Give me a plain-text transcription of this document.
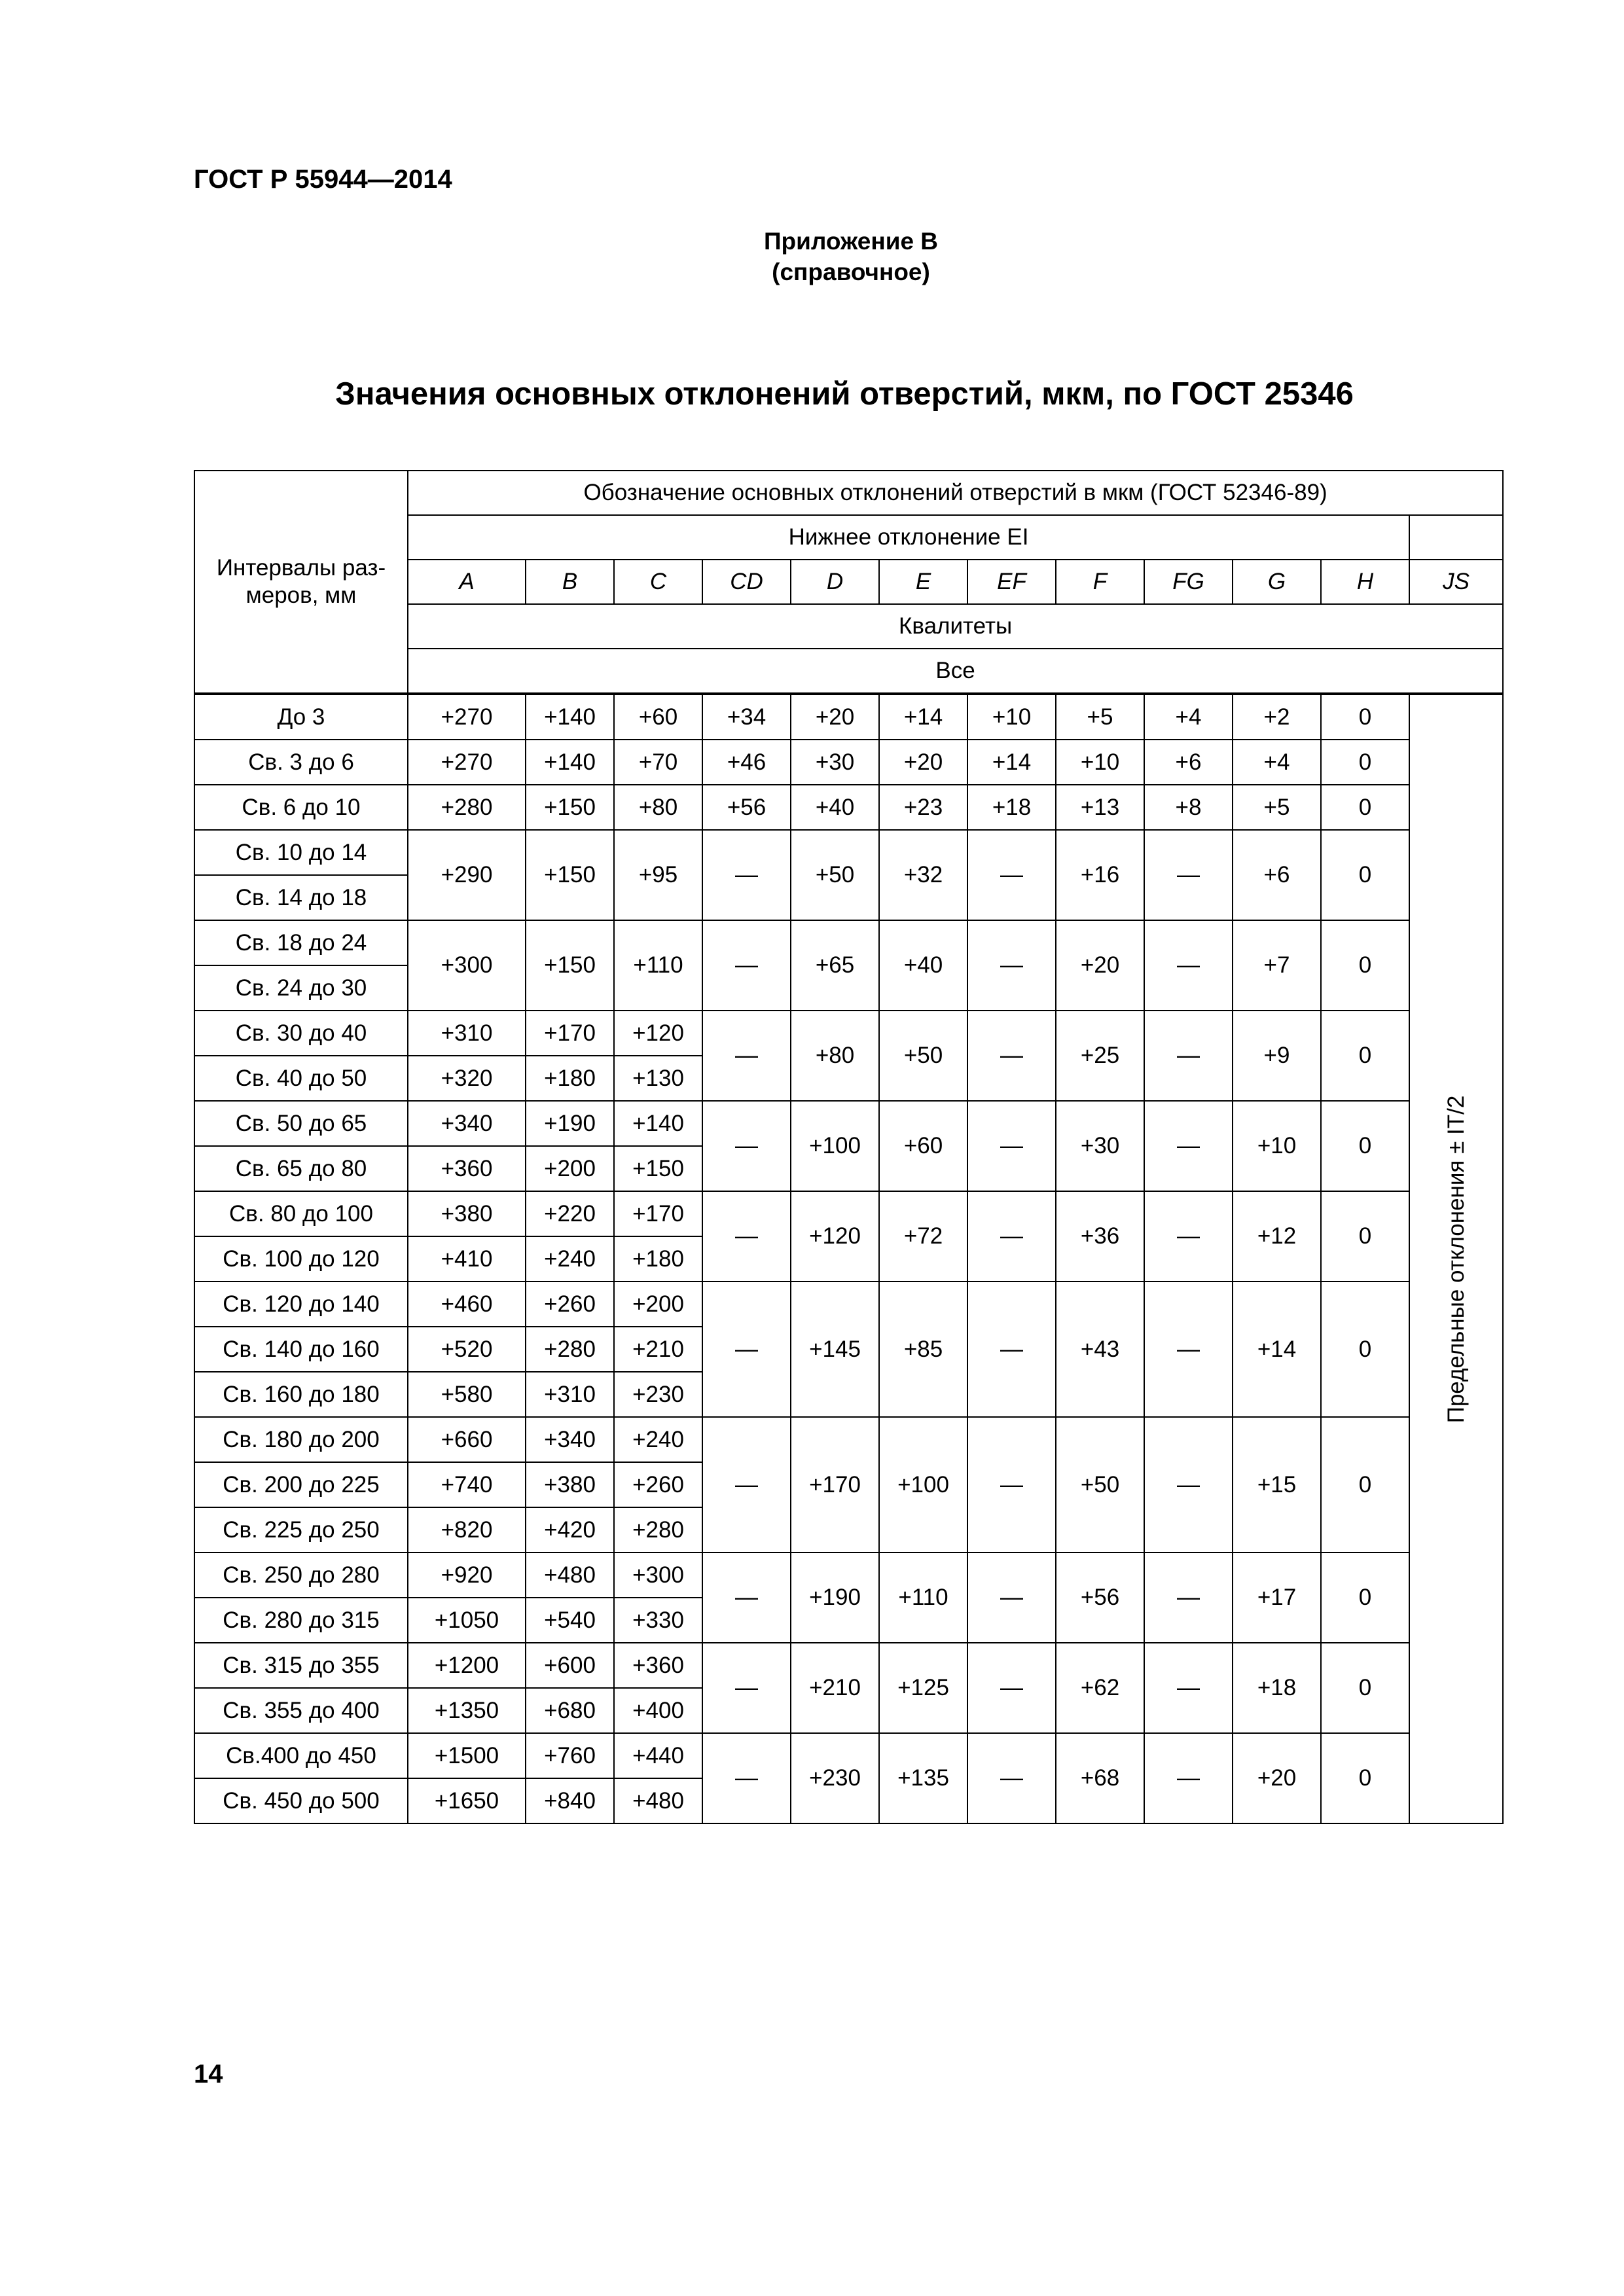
ГОСТ Р 55944—2014
Приложение В
(справочное)
Значения основных отклонений отверстий, мкм, по ГОСТ 25346
Интервалы раз-меров, мм	Обозначение основных отклонений отверстий в мкм (ГОСТ 52346-89)											
	Нижнее отклонение EI											
	A	B	C	CD	D	E	EF	F	FG	G	H	JS
	Квалитеты											
	Все											
До 3	+270	+140	+60	+34	+20	+14	+10	+5	+4	+2	0	Предельные отклонения ± IT/2

Св. 3 до 6	+270	+140	+70	+46	+30	+20	+14	+10	+6	+4	0	
Св. 6 до 10	+280	+150	+80	+56	+40	+23	+18	+13	+8	+5	0	
Св. 10 до 14	+290	+150	+95	—	+50	+32	—	+16	—	+6	0	
Св. 14 до 18												
Св. 18 до 24	+300	+150	+110	—	+65	+40	—	+20	—	+7	0	
Св. 24 до 30												
Св. 30 до 40	+310	+170	+120	—	+80	+50	—	+25	—	+9	0	
Св. 40 до 50	+320	+180	+130									
Св. 50 до 65	+340	+190	+140	—	+100	+60	—	+30	—	+10	0	
Св. 65 до 80	+360	+200	+150									
Св. 80 до 100	+380	+220	+170	—	+120	+72	—	+36	—	+12	0	
Св. 100 до 120	+410	+240	+180									
Св. 120 до 140	+460	+260	+200	—	+145	+85	—	+43	—	+14	0	
Св. 140 до 160	+520	+280	+210									
Св. 160 до 180	+580	+310	+230									
Св. 180 до 200	+660	+340	+240	—	+170	+100	—	+50	—	+15	0	
Св. 200 до 225	+740	+380	+260									
Св. 225 до 250	+820	+420	+280									
Св. 250 до 280	+920	+480	+300	—	+190	+110	—	+56	—	+17	0	
Св. 280 до 315	+1050	+540	+330									
Св. 315 до 355	+1200	+600	+360	—	+210	+125	—	+62	—	+18	0	
Св. 355 до 400	+1350	+680	+400									
Св.400 до 450	+1500	+760	+440	—	+230	+135	—	+68	—	+20	0	
Св. 450 до 500	+1650	+840	+480									
14
